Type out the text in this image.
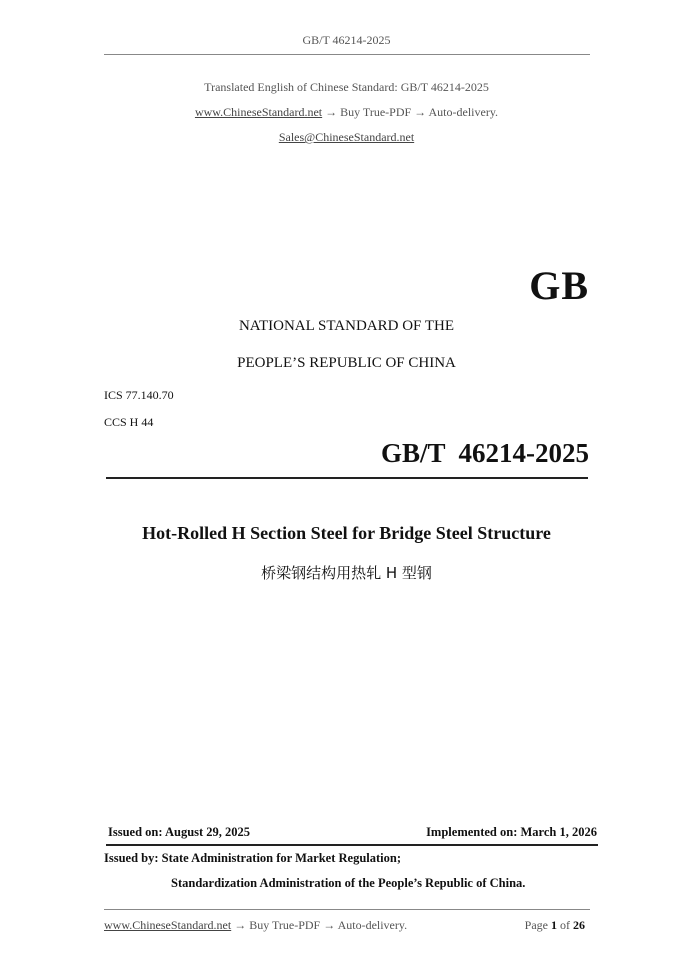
GB/T 46214-2025
Translated English of Chinese Standard: GB/T 46214-2025
www.ChineseStandard.net → Buy True-PDF → Auto-delivery.
Sales@ChineseStandard.net
GB
NATIONAL STANDARD OF THE
PEOPLE’S REPUBLIC OF CHINA
ICS 77.140.70
CCS H 44
GB/T  46214-2025
Hot-Rolled H Section Steel for Bridge Steel Structure
桥梁钢结构用热轧 H 型钢
Issued on: August 29, 2025	Implemented on: March 1, 2026
Issued by: State Administration for Market Regulation;
Standardization Administration of the People’s Republic of China.
www.ChineseStandard.net → Buy True-PDF → Auto-delivery.	Page 1 of 26
